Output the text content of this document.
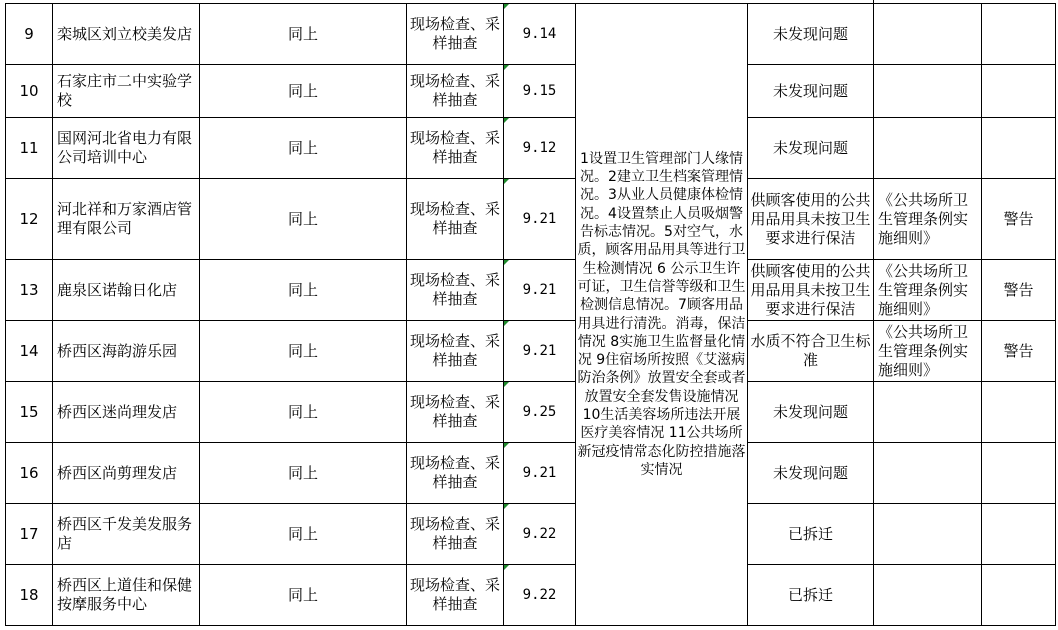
9	栾城区刘立校美发店	同上	现场检查、采样抽查	9.14	1设置卫生管理部门人缘情况。2建立卫生档案管理情况。3从业人员健康体检情况。4设置禁止人员吸烟警告标志情况。5对空气，水质，顾客用品用具等进行卫生检测情况 6 公示卫生许可证，卫生信誉等级和卫生检测信息情况。7顾客用品用具进行清洗。消毒，保洁情况 8实施卫生监督量化情况 9住宿场所按照《艾滋病防治条例》放置安全套或者放置安全套发售设施情况 10生活美容场所违法开展医疗美容情况 11公共场所新冠疫情常态化防控措施落实情况	未发现问题		
10	石家庄市二中实验学校	同上	现场检查、采样抽查	9.15		未发现问题		
11	国网河北省电力有限公司培训中心	同上	现场检查、采样抽查	9.12		未发现问题		
12	河北祥和万家酒店管理有限公司	同上	现场检查、采样抽查	9.21		供顾客使用的公共用品用具未按卫生要求进行保洁	《公共场所卫生管理条例实施细则》	警告
13	鹿泉区诺翰日化店	同上	现场检查、采样抽查	9.21		供顾客使用的公共用品用具未按卫生要求进行保洁	《公共场所卫生管理条例实施细则》	警告
14	桥西区海韵游乐园	同上	现场检查、采样抽查	9.21		水质不符合卫生标准	《公共场所卫生管理条例实施细则》	警告
15	桥西区迷尚理发店	同上	现场检查、采样抽查	9.25		未发现问题		
16	桥西区尚剪理发店	同上	现场检查、采样抽查	9.21		未发现问题		
17	桥西区千发美发服务店	同上	现场检查、采样抽查	9.22		已拆迁		
18	桥西区上道佳和保健按摩服务中心	同上	现场检查、采样抽查	9.22		已拆迁		
